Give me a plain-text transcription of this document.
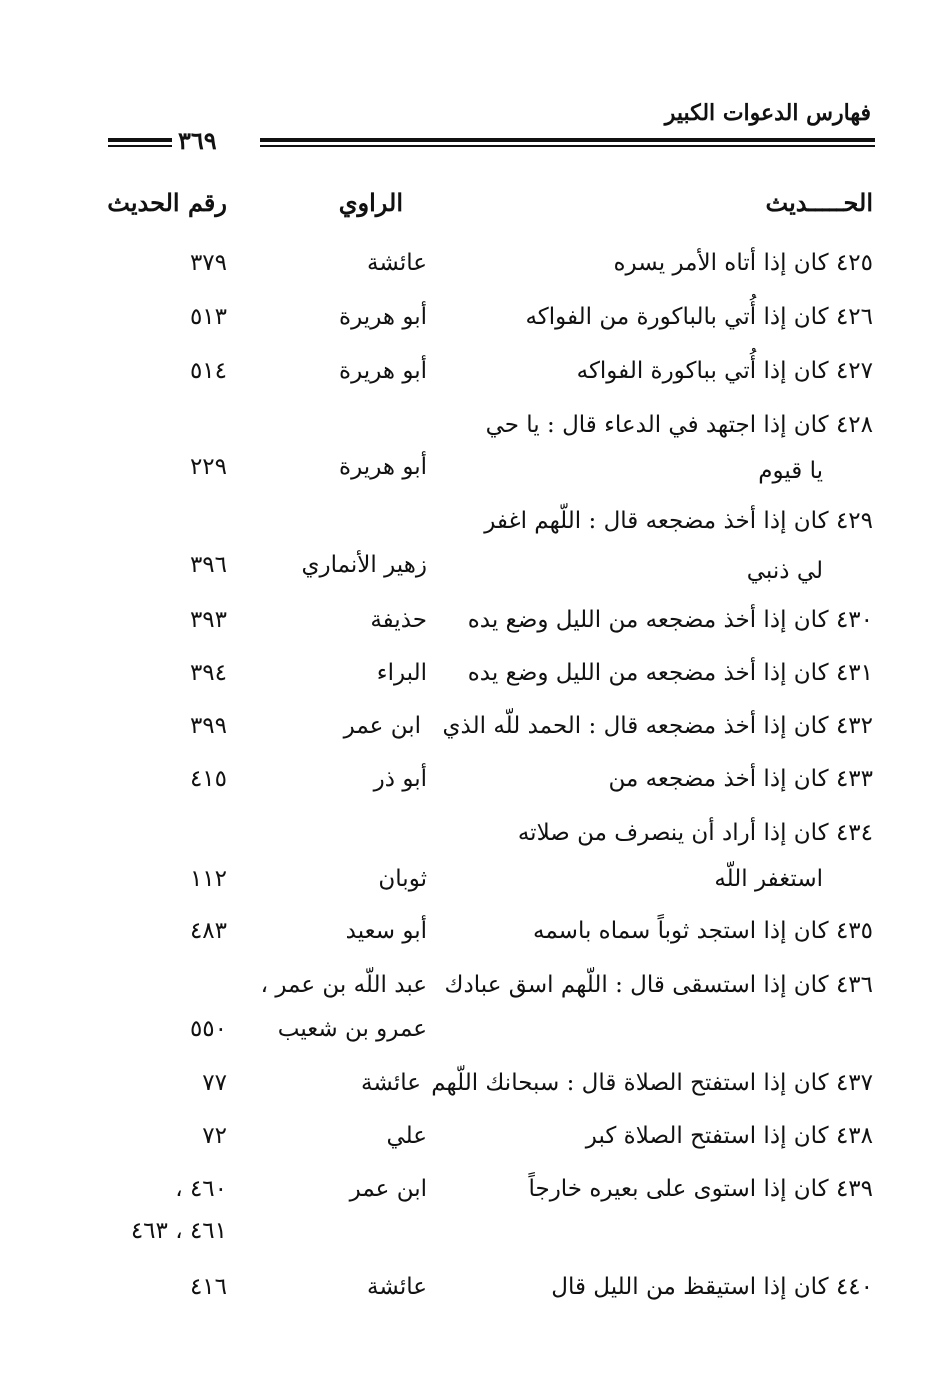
فهارس الدعوات الكبير
٣٦٩
الحـــــديث
الراوي
رقم الحديث
٤٢٥ كان إذا أتاه الأمر يسره
عائشة
٣٧٩
٤٢٦ كان إذا أُتي بالباكورة من الفواكه
أبو هريرة
٥١٣
٤٢٧ كان إذا أُتي بباكورة الفواكه
أبو هريرة
٥١٤
٤٢٨ كان إذا اجتهد في الدعاء قال : يا حي
يا قيوم
أبو هريرة
٢٢٩
٤٢٩ كان إذا أخذ مضجعه قال : اللّهم اغفر
لي ذنبي
زهير الأنماري
٣٩٦
٤٣٠ كان إذا أخذ مضجعه من الليل وضع يده
حذيفة
٣٩٣
٤٣١ كان إذا أخذ مضجعه من الليل وضع يده
البراء
٣٩٤
٤٣٢ كان إذا أخذ مضجعه قال : الحمد للّه الذي
ابن عمر
٣٩٩
٤٣٣ كان إذا أخذ مضجعه من
أبو ذر
٤١٥
٤٣٤ كان إذا أراد أن ينصرف من صلاته
استغفر اللّه
ثوبان
١١٢
٤٣٥ كان إذا استجد ثوباً سماه باسمه
أبو سعيد
٤٨٣
٤٣٦ كان إذا استسقى قال : اللّهم اسق عبادك
عبد اللّه بن عمر ،
عمرو بن شعيب
٥٥٠
٤٣٧ كان إذا استفتح الصلاة قال : سبحانك اللّهم
عائشة
٧٧
٤٣٨ كان إذا استفتح الصلاة كبر
علي
٧٢
٤٣٩ كان إذا استوى على بعيره خارجاً
ابن عمر
٤٦٠ ،
٤٦١ ، ٤٦٣
٤٤٠ كان إذا استيقظ من الليل قال
عائشة
٤١٦
